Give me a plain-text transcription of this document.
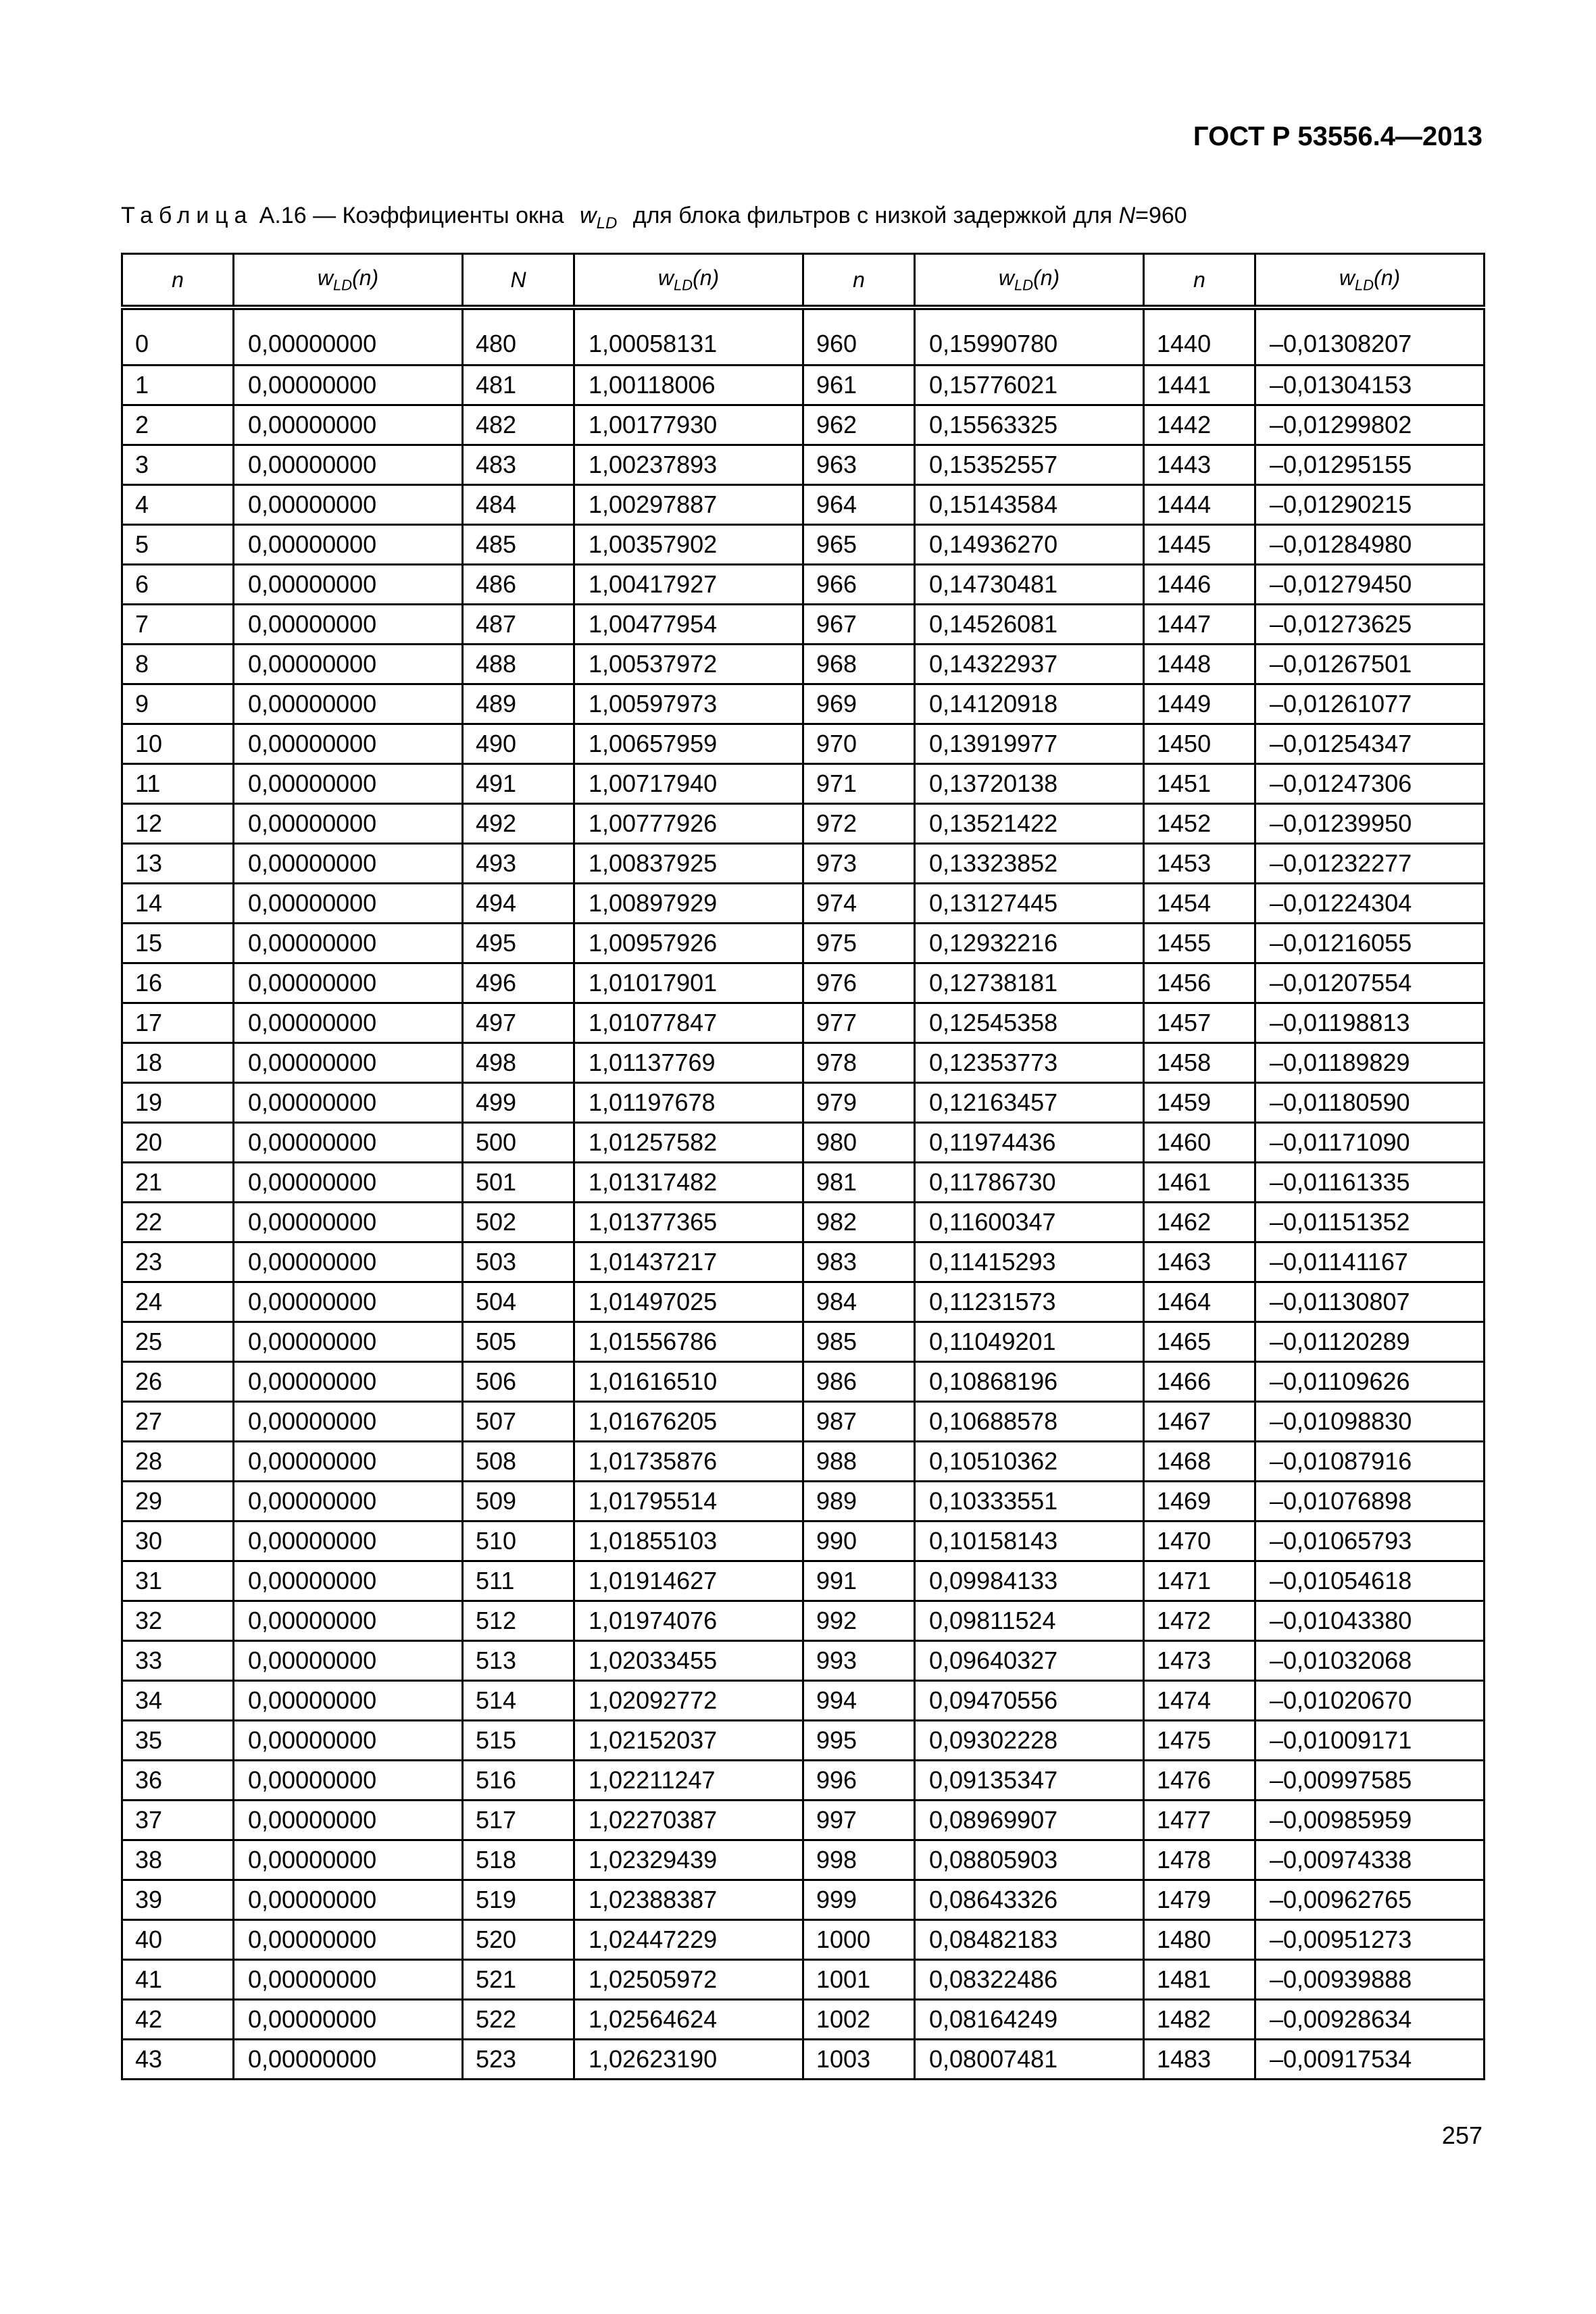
ГОСТ Р 53556.4—2013
Таблица А.16 — Коэффициенты окна $w_{LD}$ для блока фильтров с низкой задержкой для N=960
n	$w_{LD}(n)$	N	$w_{LD}(n)$	n	$w_{LD}(n)$	n	$w_{LD}(n)$
0	0,00000000	480	1,00058131	960	0,15990780	1440	–0,01308207
1	0,00000000	481	1,00118006	961	0,15776021	1441	–0,01304153
2	0,00000000	482	1,00177930	962	0,15563325	1442	–0,01299802
3	0,00000000	483	1,00237893	963	0,15352557	1443	–0,01295155
4	0,00000000	484	1,00297887	964	0,15143584	1444	–0,01290215
5	0,00000000	485	1,00357902	965	0,14936270	1445	–0,01284980
6	0,00000000	486	1,00417927	966	0,14730481	1446	–0,01279450
7	0,00000000	487	1,00477954	967	0,14526081	1447	–0,01273625
8	0,00000000	488	1,00537972	968	0,14322937	1448	–0,01267501
9	0,00000000	489	1,00597973	969	0,14120918	1449	–0,01261077
10	0,00000000	490	1,00657959	970	0,13919977	1450	–0,01254347
11	0,00000000	491	1,00717940	971	0,13720138	1451	–0,01247306
12	0,00000000	492	1,00777926	972	0,13521422	1452	–0,01239950
13	0,00000000	493	1,00837925	973	0,13323852	1453	–0,01232277
14	0,00000000	494	1,00897929	974	0,13127445	1454	–0,01224304
15	0,00000000	495	1,00957926	975	0,12932216	1455	–0,01216055
16	0,00000000	496	1,01017901	976	0,12738181	1456	–0,01207554
17	0,00000000	497	1,01077847	977	0,12545358	1457	–0,01198813
18	0,00000000	498	1,01137769	978	0,12353773	1458	–0,01189829
19	0,00000000	499	1,01197678	979	0,12163457	1459	–0,01180590
20	0,00000000	500	1,01257582	980	0,11974436	1460	–0,01171090
21	0,00000000	501	1,01317482	981	0,11786730	1461	–0,01161335
22	0,00000000	502	1,01377365	982	0,11600347	1462	–0,01151352
23	0,00000000	503	1,01437217	983	0,11415293	1463	–0,01141167
24	0,00000000	504	1,01497025	984	0,11231573	1464	–0,01130807
25	0,00000000	505	1,01556786	985	0,11049201	1465	–0,01120289
26	0,00000000	506	1,01616510	986	0,10868196	1466	–0,01109626
27	0,00000000	507	1,01676205	987	0,10688578	1467	–0,01098830
28	0,00000000	508	1,01735876	988	0,10510362	1468	–0,01087916
29	0,00000000	509	1,01795514	989	0,10333551	1469	–0,01076898
30	0,00000000	510	1,01855103	990	0,10158143	1470	–0,01065793
31	0,00000000	511	1,01914627	991	0,09984133	1471	–0,01054618
32	0,00000000	512	1,01974076	992	0,09811524	1472	–0,01043380
33	0,00000000	513	1,02033455	993	0,09640327	1473	–0,01032068
34	0,00000000	514	1,02092772	994	0,09470556	1474	–0,01020670
35	0,00000000	515	1,02152037	995	0,09302228	1475	–0,01009171
36	0,00000000	516	1,02211247	996	0,09135347	1476	–0,00997585
37	0,00000000	517	1,02270387	997	0,08969907	1477	–0,00985959
38	0,00000000	518	1,02329439	998	0,08805903	1478	–0,00974338
39	0,00000000	519	1,02388387	999	0,08643326	1479	–0,00962765
40	0,00000000	520	1,02447229	1000	0,08482183	1480	–0,00951273
41	0,00000000	521	1,02505972	1001	0,08322486	1481	–0,00939888
42	0,00000000	522	1,02564624	1002	0,08164249	1482	–0,00928634
43	0,00000000	523	1,02623190	1003	0,08007481	1483	–0,00917534
257
